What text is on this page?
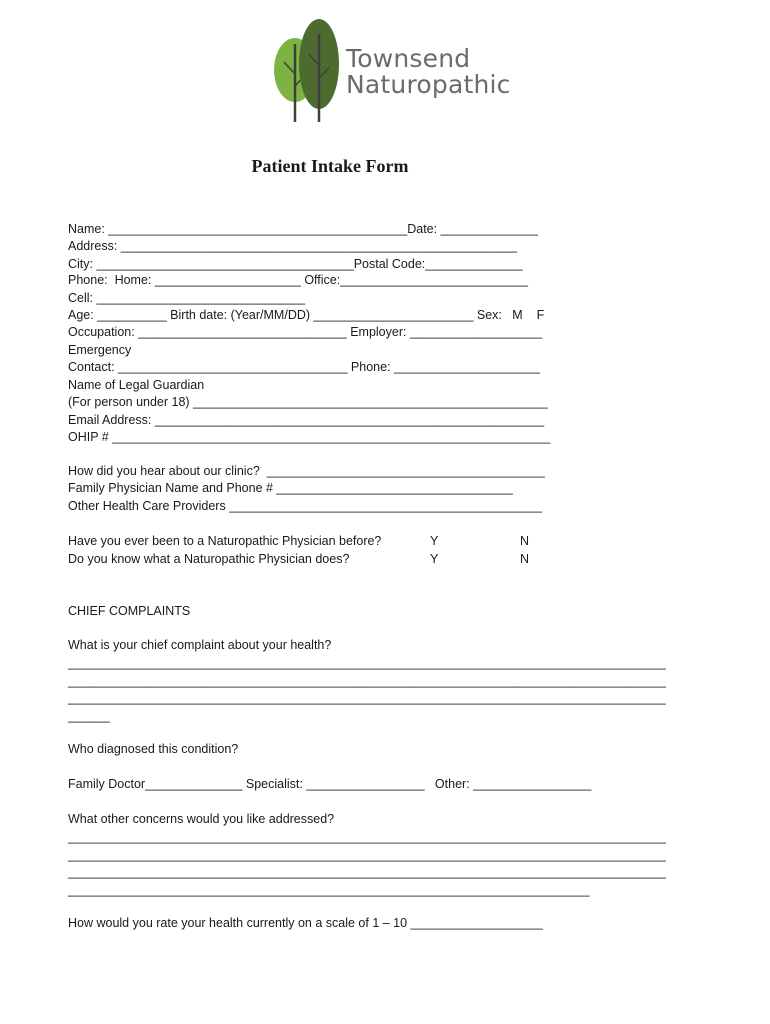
Townsend
Naturopathic
Patient Intake Form
Name: ___________________________________________Date: ______________
Address: _________________________________________________________
City: _____________________________________Postal Code:______________
Phone:  Home: _____________________ Office:___________________________
Cell: ______________________________
Age: __________ Birth date: (Year/MM/DD) _______________________ Sex:   M    F
Occupation: ______________________________ Employer: ___________________
Emergency
Contact: _________________________________ Phone: _____________________
Name of Legal Guardian
(For person under 18) ___________________________________________________
Email Address: ________________________________________________________
OHIP # _______________________________________________________________
How did you hear about our clinic?  ________________________________________
Family Physician Name and Phone # __________________________________
Other Health Care Providers _____________________________________________
Have you ever been to a Naturopathic Physician before?	Y	N
Do you know what a Naturopathic Physician does?	Y	N
CHIEF COMPLAINTS
What is your chief complaint about your health?
______________________________________________________________________________________
______________________________________________________________________________________
______________________________________________________________________________________
______
Who diagnosed this condition?
Family Doctor______________ Specialist: _________________   Other: _________________
What other concerns would you like addressed?
______________________________________________________________________________________
______________________________________________________________________________________
______________________________________________________________________________________
___________________________________________________________________________
How would you rate your health currently on a scale of 1 – 10 ___________________
